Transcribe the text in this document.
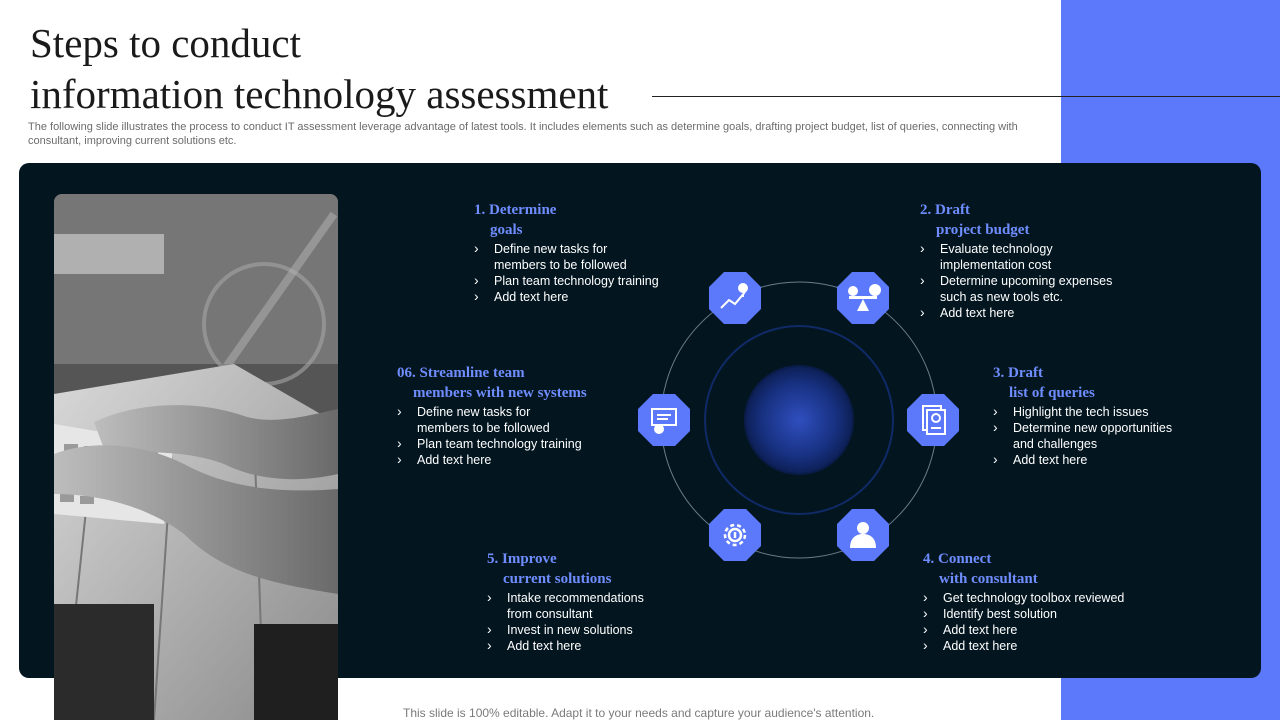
Steps to conduct
information technology assessment

The following slide illustrates the process to conduct IT assessment leverage advantage of latest tools. It includes elements such as determine goals, drafting project budget, list of queries, connecting with consultant, improving current solutions etc.

1. Determine
goals
› Define new tasks for
members to be followed
› Plan team technology training
› Add text here
2. Draft
project budget
› Evaluate technology
implementation cost
› Determine upcoming expenses
such as new tools etc.
› Add text here
3. Draft
list of queries
› Highlight the tech issues
› Determine new opportunities
and challenges
› Add text here
4. Connect
with consultant
› Get technology toolbox reviewed
› Identify best solution
› Add text here
› Add text here
5. Improve
current solutions
› Intake recommendations
from consultant
› Invest in new solutions
› Add text here
06. Streamline team
members with new systems
› Define new tasks for
members to be followed
› Plan team technology training
› Add text here

This slide is 100% editable. Adapt it to your needs and capture your audience's attention.
